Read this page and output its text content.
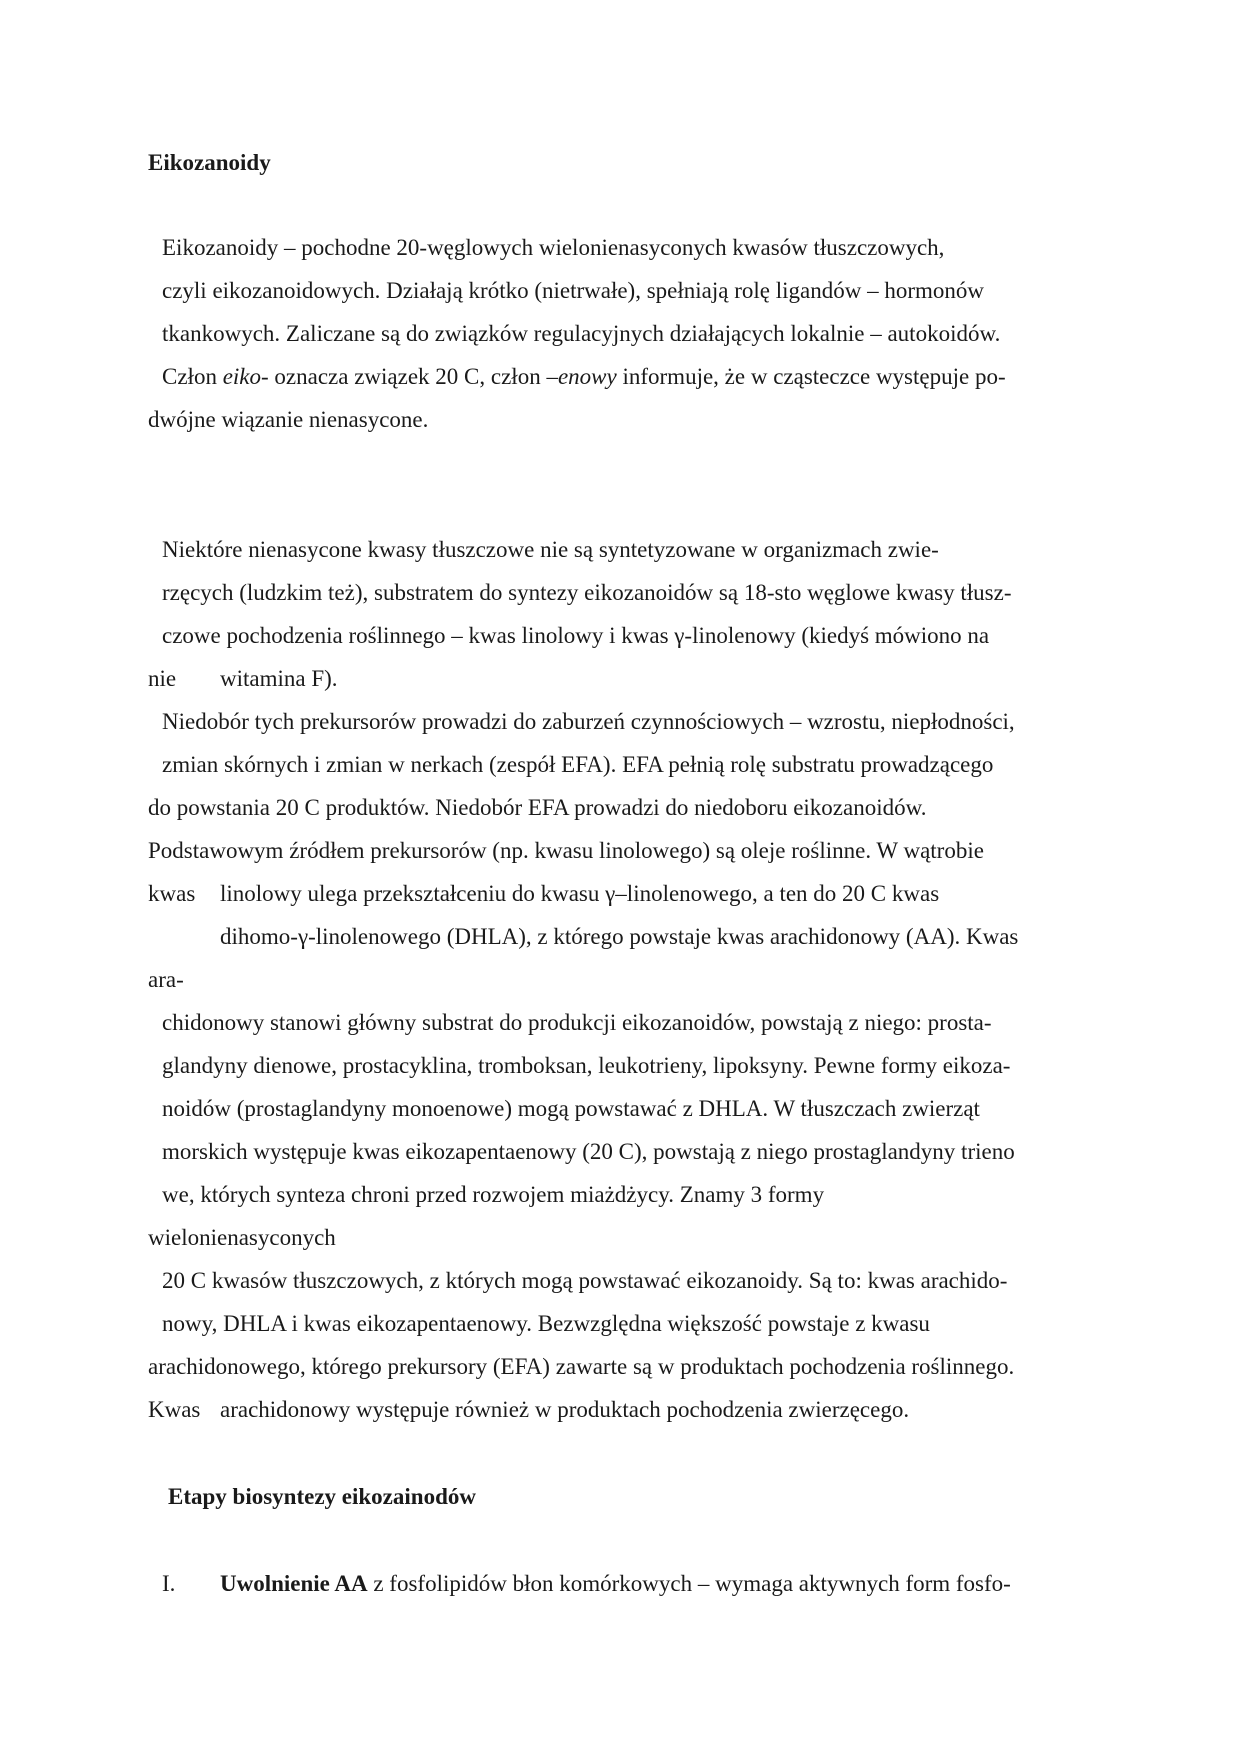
Eikozanoidy
Eikozanoidy – pochodne 20-węglowych wielonienasyconych kwasów tłuszczowych,
czyli eikozanoidowych. Działają krótko (nietrwałe), spełniają rolę ligandów – hormonów
tkankowych. Zaliczane są do związków regulacyjnych działających lokalnie – autokoidów.
Człon eiko- oznacza związek 20 C, człon –enowy informuje, że w cząsteczce występuje po-
dwójne wiązanie nienasycone.
Niektóre nienasycone kwasy tłuszczowe nie są syntetyzowane w organizmach zwie-
rzęcych (ludzkim też), substratem do syntezy eikozanoidów są 18-sto węglowe kwasy tłusz-
czowe pochodzenia roślinnego – kwas linolowy i kwas γ-linolenowy (kiedyś mówiono na
nie witamina F).
Niedobór tych prekursorów prowadzi do zaburzeń czynnościowych – wzrostu, niepłodności,
zmian skórnych i zmian w nerkach (zespół EFA). EFA pełnią rolę substratu prowadzącego
do powstania 20 C produktów. Niedobór EFA prowadzi do niedoboru eikozanoidów.
Podstawowym źródłem prekursorów (np. kwasu linolowego) są oleje roślinne. W wątrobie
kwas linolowy ulega przekształceniu do kwasu γ–linolenowego, a ten do 20 C kwas
dihomo-γ-linolenowego (DHLA), z którego powstaje kwas arachidonowy (AA). Kwas
ara-
chidonowy stanowi główny substrat do produkcji eikozanoidów, powstają z niego: prosta-
glandyny dienowe, prostacyklina, tromboksan, leukotrieny, lipoksyny. Pewne formy eikoza-
noidów (prostaglandyny monoenowe) mogą powstawać z DHLA. W tłuszczach zwierząt
morskich występuje kwas eikozapentaenowy (20 C), powstają z niego prostaglandyny trieno
we, których synteza chroni przed rozwojem miażdżycy. Znamy 3 formy
wielonienasyconych
20 C kwasów tłuszczowych, z których mogą powstawać eikozanoidy. Są to: kwas arachido-
nowy, DHLA i kwas eikozapentaenowy. Bezwzględna większość powstaje z kwasu
arachidonowego, którego prekursory (EFA) zawarte są w produktach pochodzenia roślinnego.
Kwas arachidonowy występuje również w produktach pochodzenia zwierzęcego.
Etapy biosyntezy eikozainodów
I. Uwolnienie AA z fosfolipidów błon komórkowych – wymaga aktywnych form fosfo-
